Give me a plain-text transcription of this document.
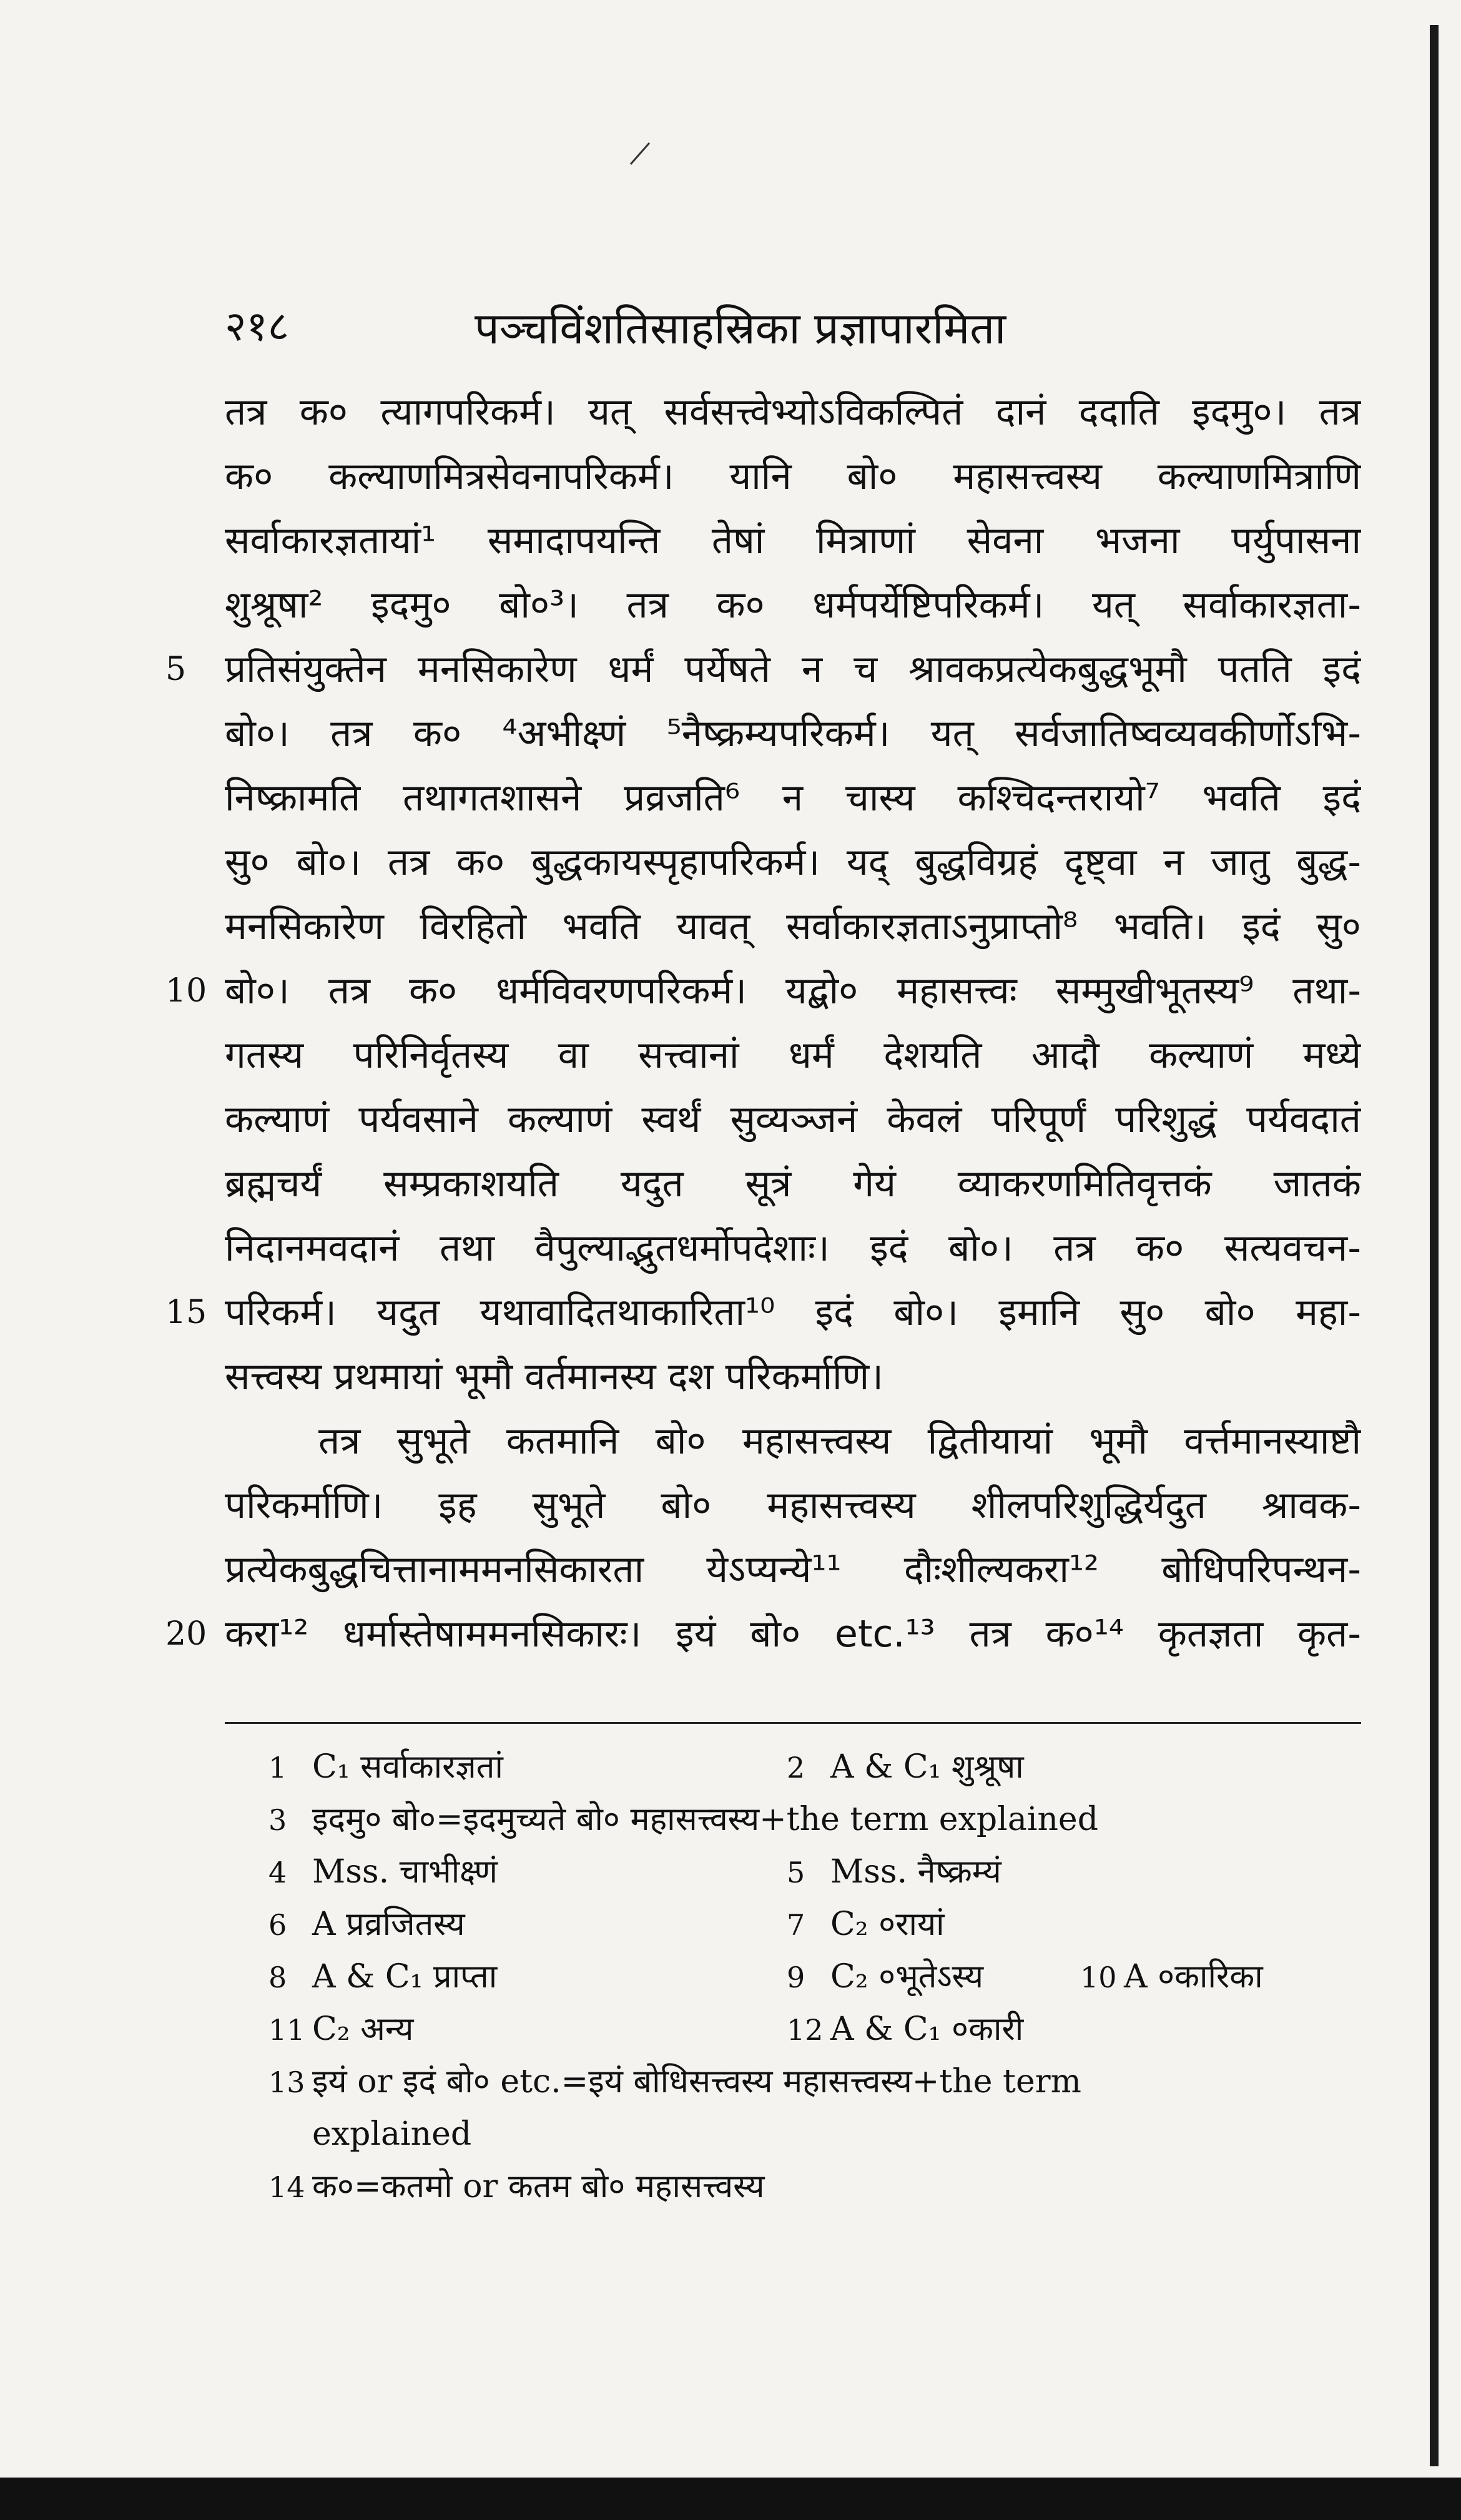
२१८	पञ्चविंशतिसाहस्रिका प्रज्ञापारमिता
तत्र क० त्यागपरिकर्म। यत् सर्वसत्त्वेभ्योऽविकल्पितं दानं ददाति इदमु०। तत्र
क० कल्याणमित्रसेवनापरिकर्म। यानि बो० महासत्त्वस्य कल्याणमित्राणि
सर्वाकारज्ञतायां¹ समादापयन्ति तेषां मित्राणां सेवना भजना पर्युपासना
शुश्रूषा² इदमु० बो०³। तत्र क० धर्मपर्येष्टिपरिकर्म। यत् सर्वाकारज्ञता-
5 प्रतिसंयुक्तेन मनसिकारेण धर्मं पर्येषते न च श्रावकप्रत्येकबुद्धभूमौ पतति इदं
बो०। तत्र क० ⁴अभीक्ष्णं ⁵नैष्क्रम्यपरिकर्म। यत् सर्वजातिष्वव्यवकीर्णोऽभि-
निष्क्रामति तथागतशासने प्रव्रजति⁶ न चास्य कश्चिदन्तरायो⁷ भवति इदं
सु० बो०। तत्र क० बुद्धकायस्पृहापरिकर्म। यद् बुद्धविग्रहं दृष्ट्वा न जातु बुद्ध-
मनसिकारेण विरहितो भवति यावत् सर्वाकारज्ञताऽनुप्राप्तो⁸ भवति। इदं सु०
10 बो०। तत्र क० धर्मविवरणपरिकर्म। यद्बो० महासत्त्वः सम्मुखीभूतस्य⁹ तथा-
गतस्य परिनिर्वृतस्य वा सत्त्वानां धर्मं देशयति आदौ कल्याणं मध्ये
कल्याणं पर्यवसाने कल्याणं स्वर्थं सुव्यञ्जनं केवलं परिपूर्णं परिशुद्धं पर्यवदातं
ब्रह्मचर्यं सम्प्रकाशयति यदुत सूत्रं गेयं व्याकरणमितिवृत्तकं जातकं
निदानमवदानं तथा वैपुल्याद्भुतधर्मोपदेशाः। इदं बो०। तत्र क० सत्यवचन-
15 परिकर्म। यदुत यथावादितथाकारिता¹⁰ इदं बो०। इमानि सु० बो० महा-
सत्त्वस्य प्रथमायां भूमौ वर्तमानस्य दश परिकर्माणि।
तत्र सुभूते कतमानि बो० महासत्त्वस्य द्वितीयायां भूमौ वर्त्तमानस्याष्टौ
परिकर्माणि। इह सुभूते बो० महासत्त्वस्य शीलपरिशुद्धिर्यदुत श्रावक-
प्रत्येकबुद्धचित्तानाममनसिकारता येऽप्यन्ये¹¹ दौःशील्यकरा¹² बोधिपरिपन्थन-
20 करा¹² धर्मास्तेषाममनसिकारः। इयं बो० etc.¹³ तत्र क०¹⁴ कृतज्ञता कृत-
1 C₁ सर्वाकारज्ञतां	2 A & C₁ शुश्रूषा
3 इदमु० बो०=इदमुच्यते बो० महासत्त्वस्य+the term explained
4 Mss. चाभीक्ष्णं	5 Mss. नैष्क्रम्यं
6 A प्रव्रजितस्य	7 C₂ ०रायां
8 A & C₁ प्राप्ता	9 C₂ ०भूतेऽस्य	10 A ०कारिका
11 C₂ अन्य	12 A & C₁ ०कारी
13 इयं or इदं बो० etc.=इयं बोधिसत्त्वस्य महासत्त्वस्य+the term
explained
14 क०=कतमो or कतम बो० महासत्त्वस्य
